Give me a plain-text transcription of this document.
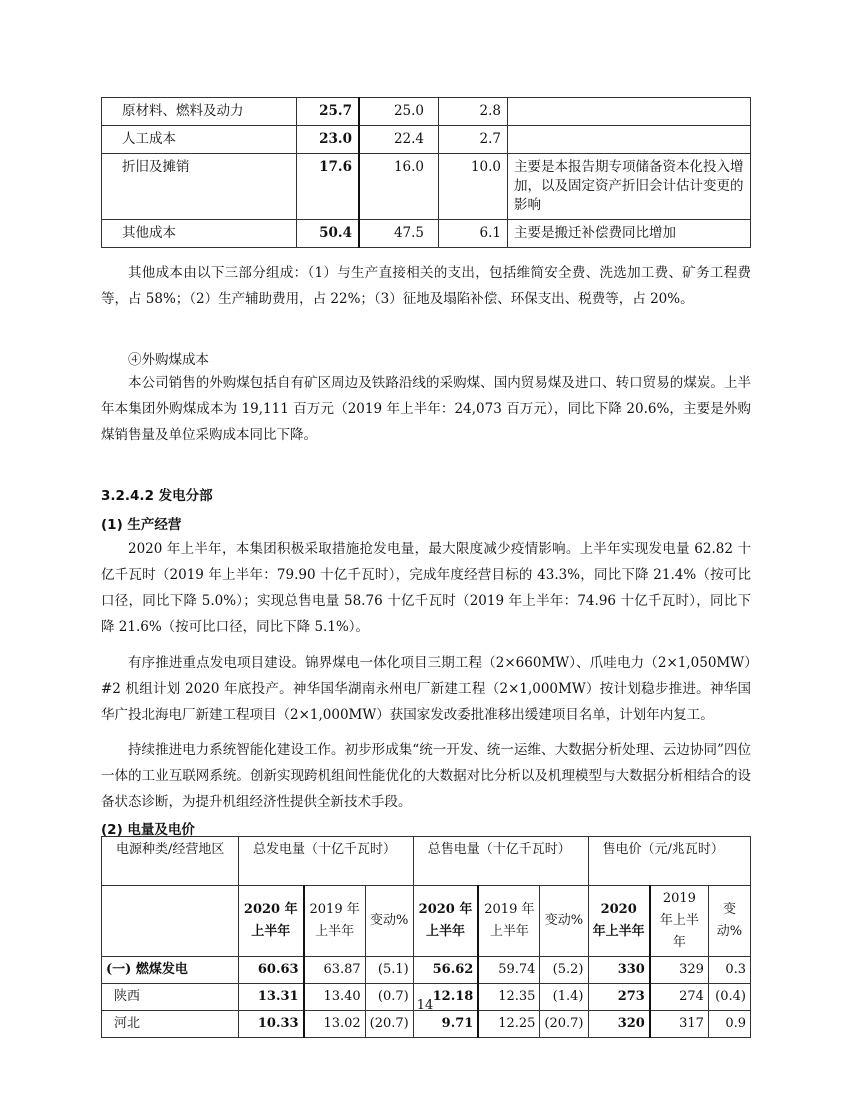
原材料、燃料及动力	25.7	25.0	2.8	
人工成本	23.0	22.4	2.7	
折旧及摊销	17.6	16.0	10.0	主要是本报告期专项储备资本化投入增加，以及固定资产折旧会计估计变更的影响
其他成本	50.4	47.5	6.1	主要是搬迁补偿费同比增加

其他成本由以下三部分组成：（1）与生产直接相关的支出，包括维简安全费、洗选加工费、矿务工程费等，占 58%；（2）生产辅助费用，占 22%；（3）征地及塌陷补偿、环保支出、税费等，占 20%。

④外购煤成本

本公司销售的外购煤包括自有矿区周边及铁路沿线的采购煤、国内贸易煤及进口、转口贸易的煤炭。上半年本集团外购煤成本为 19,111 百万元（2019 年上半年：24,073 百万元），同比下降 20.6%，主要是外购煤销售量及单位采购成本同比下降。

3.2.4.2 发电分部
(1) 生产经营

2020 年上半年，本集团积极采取措施抢发电量，最大限度减少疫情影响。上半年实现发电量 62.82 十亿千瓦时（2019 年上半年：79.90 十亿千瓦时），完成年度经营目标的 43.3%，同比下降 21.4%（按可比口径，同比下降 5.0%）；实现总售电量 58.76 十亿千瓦时（2019 年上半年：74.96 十亿千瓦时），同比下降 21.6%（按可比口径，同比下降 5.1%）。

有序推进重点发电项目建设。锦界煤电一体化项目三期工程（2×660MW）、爪哇电力（2×1,050MW）#2 机组计划 2020 年底投产。神华国华湖南永州电厂新建工程（2×1,000MW）按计划稳步推进。神华国华广投北海电厂新建工程项目（2×1,000MW）获国家发改委批准移出缓建项目名单，计划年内复工。

持续推进电力系统智能化建设工作。初步形成集“统一开发、统一运维、大数据分析处理、云边协同”四位一体的工业互联网系统。创新实现跨机组间性能优化的大数据对比分析以及机理模型与大数据分析相结合的设备状态诊断，为提升机组经济性提供全新技术手段。

(2) 电量及电价
电源种类/经营地区	总发电量（十亿千瓦时）			总售电量（十亿千瓦时）			售电价（元/兆瓦时）		
	2020 年上半年	2019 年上半年	变动%	2020 年上半年	2019 年上半年	变动%	2020 年上半年	2019 年上半年	变动%
(一) 燃煤发电	60.63	63.87	(5.1)	56.62	59.74	(5.2)	330	329	0.3
陕西	13.31	13.40	(0.7)	12.18	12.35	(1.4)	273	274	(0.4)
河北	10.33	13.02	(20.7)	9.71	12.25	(20.7)	320	317	0.9
14
